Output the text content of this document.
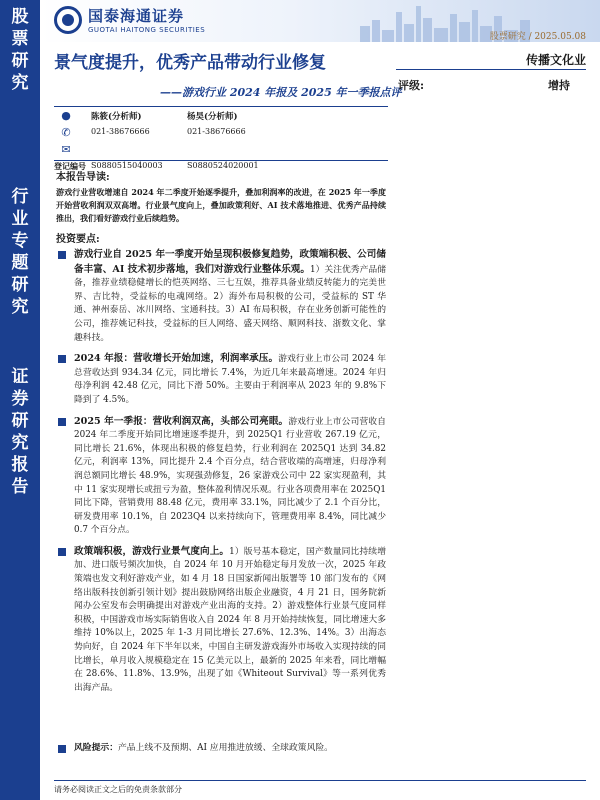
股
票
研
究
行
业
专
题
研
究
证
券
研
究
报
告
国泰海通证券
GUOTAI HAITONG SECURITIES
股票研究 / 2025.05.08
景气度提升，优秀产品带动行业修复
——游戏行业 2024 年报及 2025 年一季报点评
传播文化业
评级:	增持
● 陈筱(分析师)	杨昊(分析师)
✆	021-38676666	021-38676666
✉
登记编号 S0880515040003	S0880524020001
本报告导读:
游戏行业营收增速自 2024 年二季度开始逐季提升，叠加利润率的改进，在 2025 年一季度开始营收利润双双高增。行业景气度向上，叠加政策利好、AI 技术落地推进、优秀产品持续推出，我们看好游戏行业后续趋势。
投资要点:
游戏行业自 2025 年一季度开始呈现积极修复趋势，政策端积极、公司储备丰富、AI 技术初步落地，我们对游戏行业整体乐观。1）关注优秀产品储备，推荐业绩稳健增长的恺英网络、三七互娱，推荐具备业绩反转能力的完美世界、吉比特，受益标的电魂网络。2）海外布局积极的公司，受益标的 ST 华通、神州泰岳、冰川网络、宝通科技。3）AI 布局积极，存在业务创新可能性的公司，推荐姚记科技，受益标的巨人网络、盛天网络、顺网科技、浙数文化、掌趣科技。
2024 年报：营收增长开始加速，利润率承压。游戏行业上市公司 2024 年总营收达到 934.34 亿元，同比增长 7.4%，为近几年来最高增速。2024 年归母净利润 42.48 亿元，同比下滑 50%。主要由于利润率从 2023 年的 9.8%下降到了 4.5%。
2025 年一季报：营收利润双高，头部公司亮眼。游戏行业上市公司营收自 2024 年二季度开始同比增速逐季提升，到 2025Q1 行业营收 267.19 亿元，同比增长 21.6%，体现出积极的修复趋势，行业利润在 2025Q1 达到 34.82 亿元，利润率 13%，同比提升 2.4 个百分点，结合营收端的高增速，归母净利润总额同比增长 48.9%，实现强劲修复，26 家游戏公司中 22 家实现盈利，其中 11 家实现增长或扭亏为盈，整体盈利情况乐观。行业各项费用率在 2025Q1 同比下降，营销费用 88.48 亿元，费用率 33.1%，同比减少了 2.1 个百分比，研发费用率 10.1%，自 2023Q4 以来持续向下，管理费用率 8.4%，同比减少 0.7 个百分点。
政策端积极，游戏行业景气度向上。1）版号基本稳定，国产数量同比持续增加、进口版号频次加快，自 2024 年 10 月开始稳定每月发放一次，2025 年政策端也发文利好游戏产业，如 4 月 18 日国家新闻出版署等 10 部门发布的《网络出版科技创新引领计划》提出鼓励网络出版企业融资，4 月 21 日，国务院新闻办公室发布会明确提出对游戏产业出海的支持。2）游戏整体行业景气度同样积极，中国游戏市场实际销售收入自 2024 年 8 月开始持续恢复，同比增速大多维持 10%以上，2025 年 1-3 月同比增长 27.6%、12.3%、14%。3）出海态势向好，自 2024 年下半年以来，中国自主研发游戏海外市场收入实现持续的同比增长，单月收入规模稳定在 15 亿美元以上，最新的 2025 年来看，同比增幅在 28.6%、11.8%、13.9%，出现了如《Whiteout Survival》等一系列优秀出海产品。
风险提示：产品上线不及预期、AI 应用推进放缓、全球政策风险。
请务必阅读正文之后的免责条款部分
